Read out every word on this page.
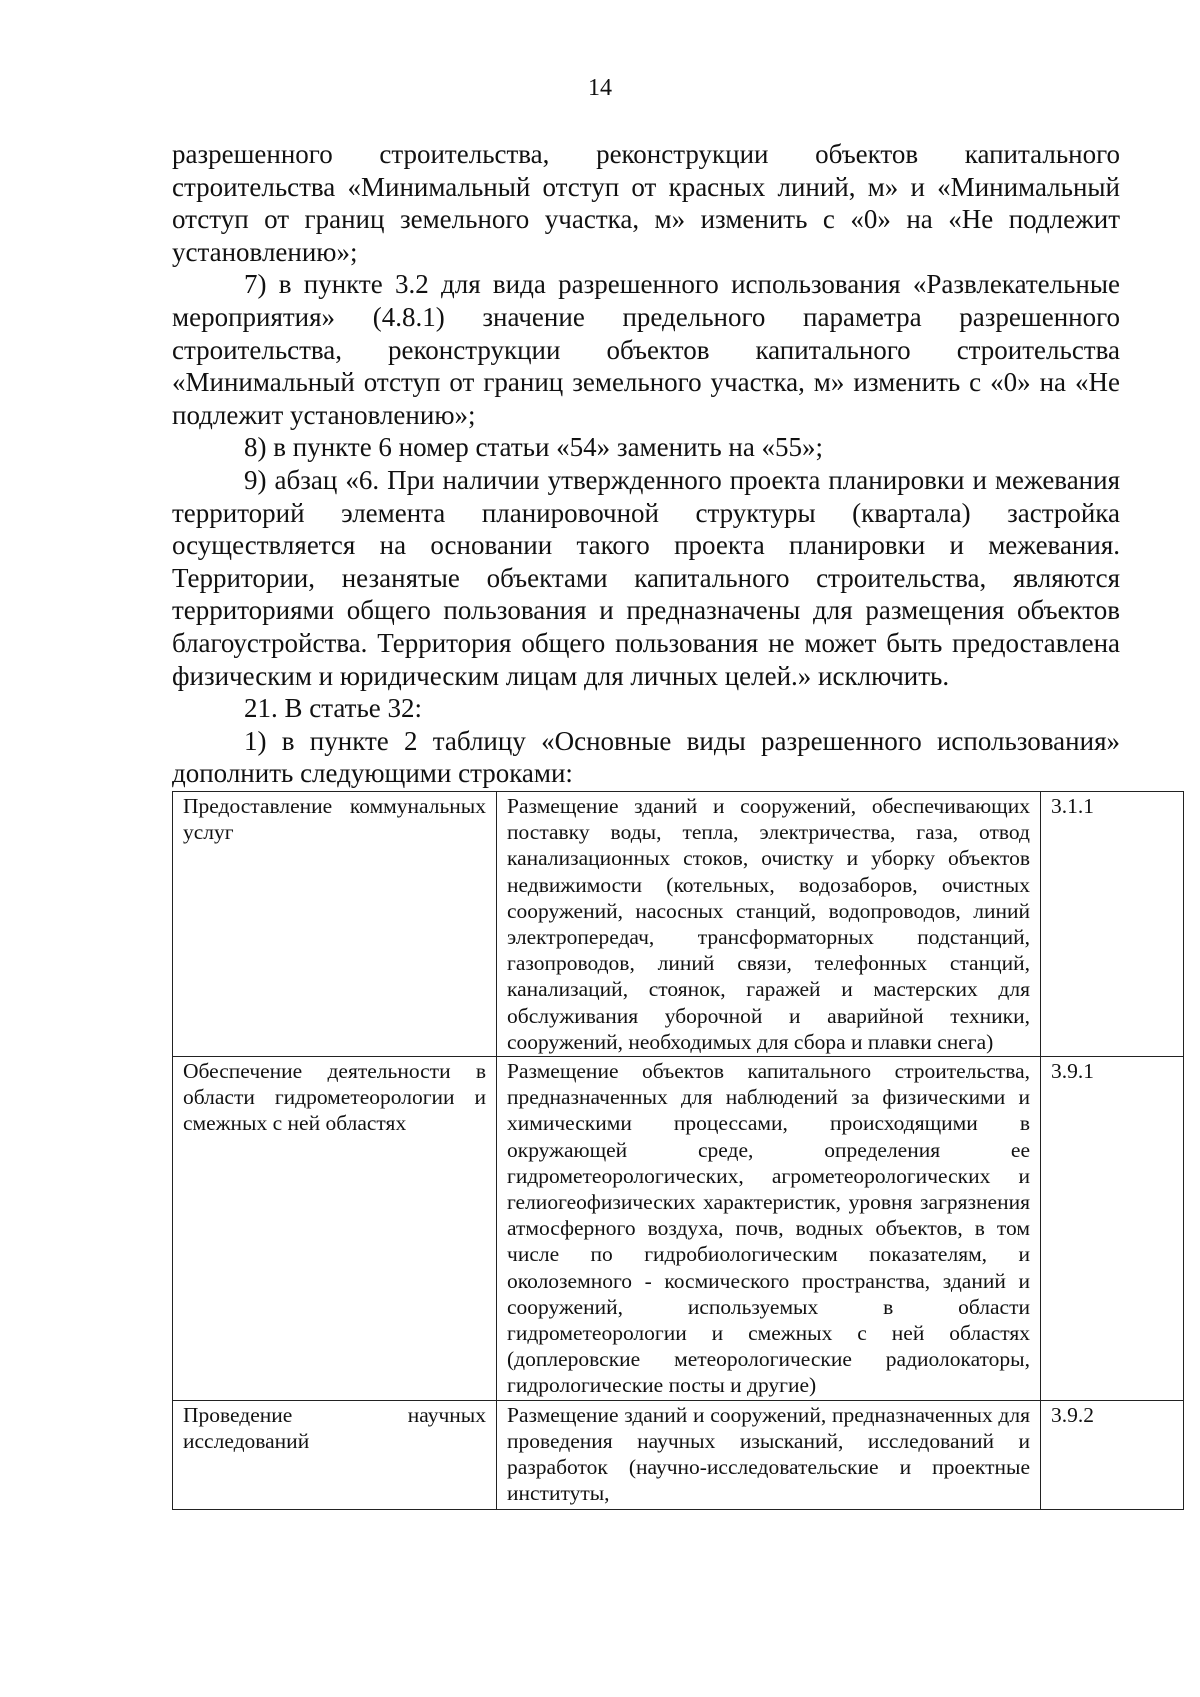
14

разрешенного строительства, реконструкции объектов капитального строительства «Минимальный отступ от красных линий, м» и «Минимальный отступ от границ земельного участка, м» изменить с «0» на «Не подлежит установлению»;

7) в пункте 3.2 для вида разрешенного использования «Развлекательные мероприятия» (4.8.1) значение предельного параметра разрешенного строительства, реконструкции объектов капитального строительства «Минимальный отступ от границ земельного участка, м» изменить с «0» на «Не подлежит установлению»;

8) в пункте 6 номер статьи «54» заменить на «55»;

9) абзац «6. При наличии утвержденного проекта планировки и межевания территорий элемента планировочной структуры (квартала) застройка осуществляется на основании такого проекта планировки и межевания. Территории, незанятые объектами капитального строительства, являются территориями общего пользования и предназначены для размещения объектов благоустройства. Территория общего пользования не может быть предоставлена физическим и юридическим лицам для личных целей.» исключить.

21. В статье 32:

1) в пункте 2 таблицу «Основные виды разрешенного использования» дополнить следующими строками:

Предоставление коммунальных услуг	Размещение зданий и сооружений, обеспечивающих поставку воды, тепла, электричества, газа, отвод канализационных стоков, очистку и уборку объектов недвижимости (котельных, водозаборов, очистных сооружений, насосных станций, водопроводов, линий электропередач, трансформаторных подстанций, газопроводов, линий связи, телефонных станций, канализаций, стоянок, гаражей и мастерских для обслуживания уборочной и аварийной техники, сооружений, необходимых для сбора и плавки снега)	3.1.1
Обеспечение деятельности в области гидрометеорологии и смежных с ней областях	Размещение объектов капитального строительства, предназначенных для наблюдений за физическими и химическими процессами, происходящими в окружающей среде, определения ее гидрометеорологических, агрометеорологических и гелиогеофизических характеристик, уровня загрязнения атмосферного воздуха, почв, водных объектов, в том числе по гидробиологическим показателям, и околоземного - космического пространства, зданий и сооружений, используемых в области гидрометеорологии и смежных с ней областях (доплеровские метеорологические радиолокаторы, гидрологические посты и другие)	3.9.1

Проведение научных исследований	Размещение зданий и сооружений, предназначенных для проведения научных изысканий, исследований и разработок (научно-исследовательские и проектные институты,	3.9.2
